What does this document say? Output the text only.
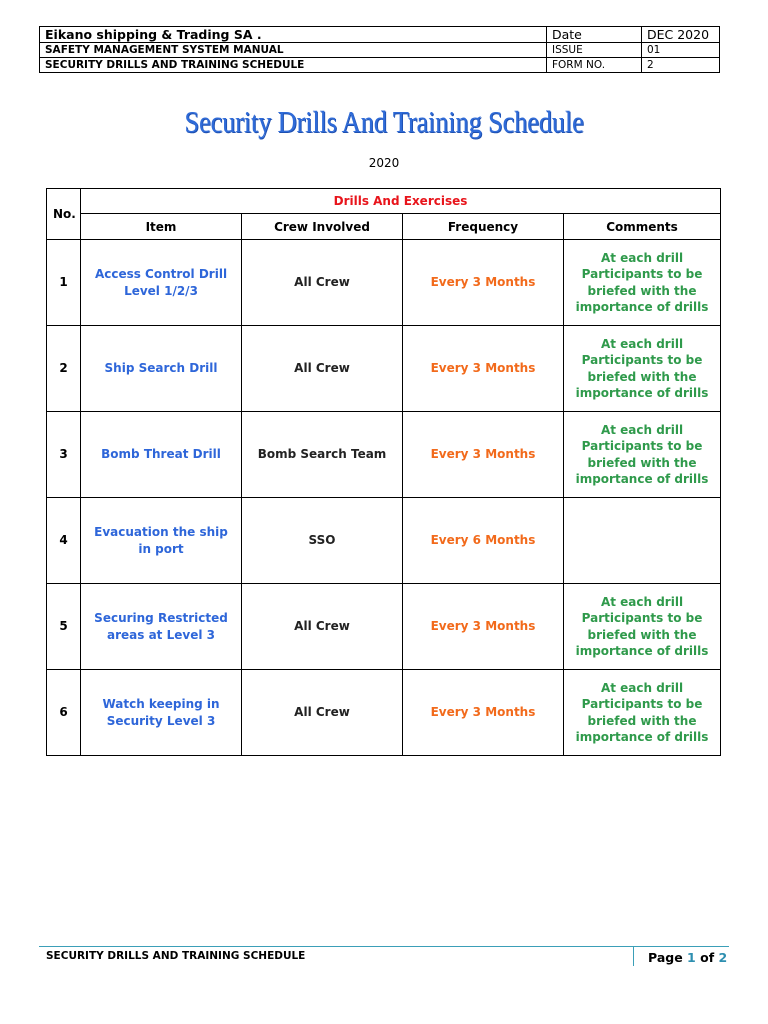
Eikano shipping & Trading SA .	Date	DEC 2020
SAFETY MANAGEMENT SYSTEM MANUAL	ISSUE	01
SECURITY DRILLS AND TRAINING SCHEDULE	FORM NO.	2
Security Drills And Training Schedule
2020
No.	Drills And Exercises			
	Item	Crew Involved	Frequency	Comments
1	Access Control Drill Level 1/2/3	All Crew	Every 3 Months	At each drill Participants to be briefed with the importance of drills
2	Ship Search Drill	All Crew	Every 3 Months	At each drill Participants to be briefed with the importance of drills
3	Bomb Threat Drill	Bomb Search Team	Every 3 Months	At each drill Participants to be briefed with the importance of drills
4	Evacuation the ship in port	SSO	Every 6 Months	
5	Securing Restricted areas at Level 3	All Crew	Every 3 Months	At each drill Participants to be briefed with the importance of drills
6	Watch keeping in Security Level 3	All Crew	Every 3 Months	At each drill Participants to be briefed with the importance of drills
SECURITY DRILLS AND TRAINING SCHEDULE	Page 1 of 2
